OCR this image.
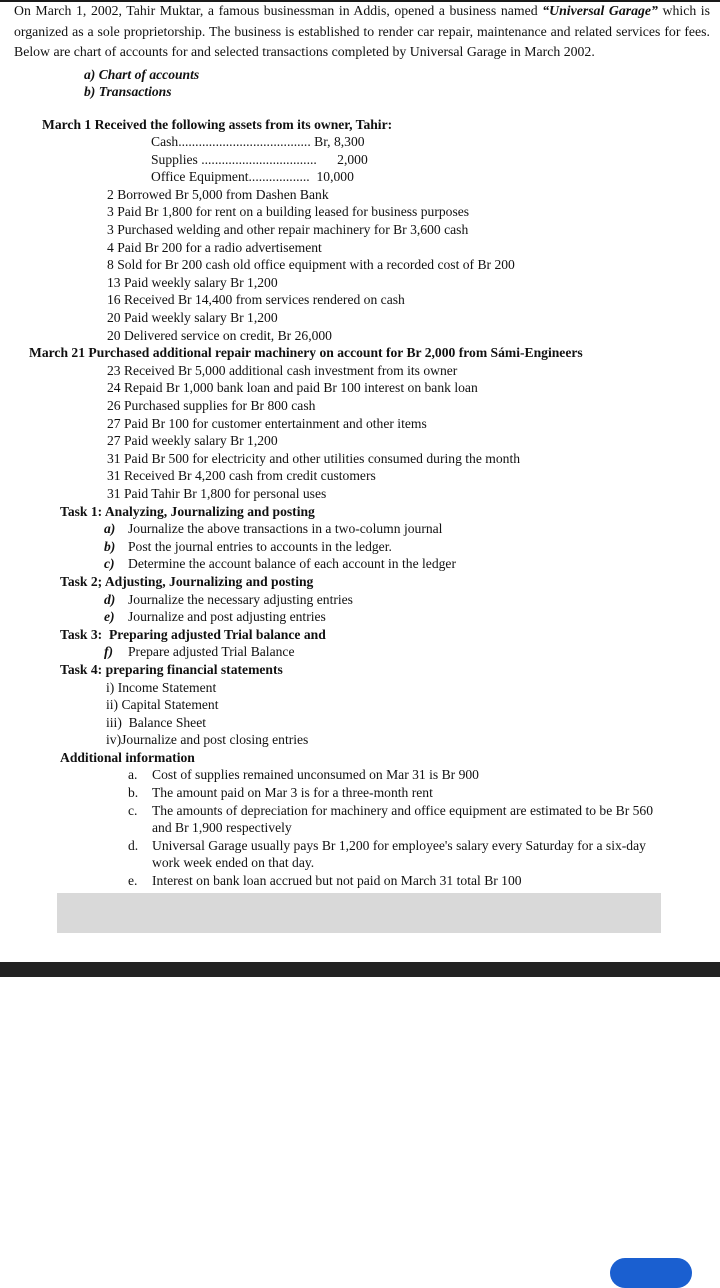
On March 1, 2002, Tahir Muktar, a famous businessman in Addis, opened a business named “Universal Garage” which is organized as a sole proprietorship. The business is established to render car repair, maintenance and related services for fees. Below are chart of accounts for and selected transactions completed by Universal Garage in March 2002.

a) Chart of accounts
b) Transactions
March 1 Received the following assets from its owner, Tahir:
Cash....................................... Br, 8,300
Supplies .................................. 2,000
Office Equipment.................. 10,000
2 Borrowed Br 5,000 from Dashen Bank
3 Paid Br 1,800 for rent on a building leased for business purposes
3 Purchased welding and other repair machinery for Br 3,600 cash
4 Paid Br 200 for a radio advertisement
8 Sold for Br 200 cash old office equipment with a recorded cost of Br 200
13 Paid weekly salary Br 1,200
16 Received Br 14,400 from services rendered on cash
20 Paid weekly salary Br 1,200
20 Delivered service on credit, Br 26,000
March 21 Purchased additional repair machinery on account for Br 2,000 from Sámi-Engineers
23 Received Br 5,000 additional cash investment from its owner
24 Repaid Br 1,000 bank loan and paid Br 100 interest on bank loan
26 Purchased supplies for Br 800 cash
27 Paid Br 100 for customer entertainment and other items
27 Paid weekly salary Br 1,200
31 Paid Br 500 for electricity and other utilities consumed during the month
31 Received Br 4,200 cash from credit customers
31 Paid Tahir Br 1,800 for personal uses
Task 1: Analyzing, Journalizing and posting
a) Journalize the above transactions in a two-column journal
b) Post the journal entries to accounts in the ledger.
c) Determine the account balance of each account in the ledger
Task 2; Adjusting, Journalizing and posting
d) Journalize the necessary adjusting entries
e) Journalize and post adjusting entries
Task 3:  Preparing adjusted Trial balance and
f)	Prepare adjusted Trial Balance
Task 4: preparing financial statements
i) Income Statement
ii) Capital Statement
iii)  Balance Sheet
iv)Journalize and post closing entries
Additional information
a.	Cost of supplies remained unconsumed on Mar 31 is Br 900
b.	The amount paid on Mar 3 is for a three-month rent
c.	The amounts of depreciation for machinery and office equipment are estimated to be Br 560 and Br 1,900 respectively
d.	Universal Garage usually pays Br 1,200 for employee's salary every Saturday for a six-day work week ended on that day.
e.	Interest on bank loan accrued but not paid on March 31 total Br 100
